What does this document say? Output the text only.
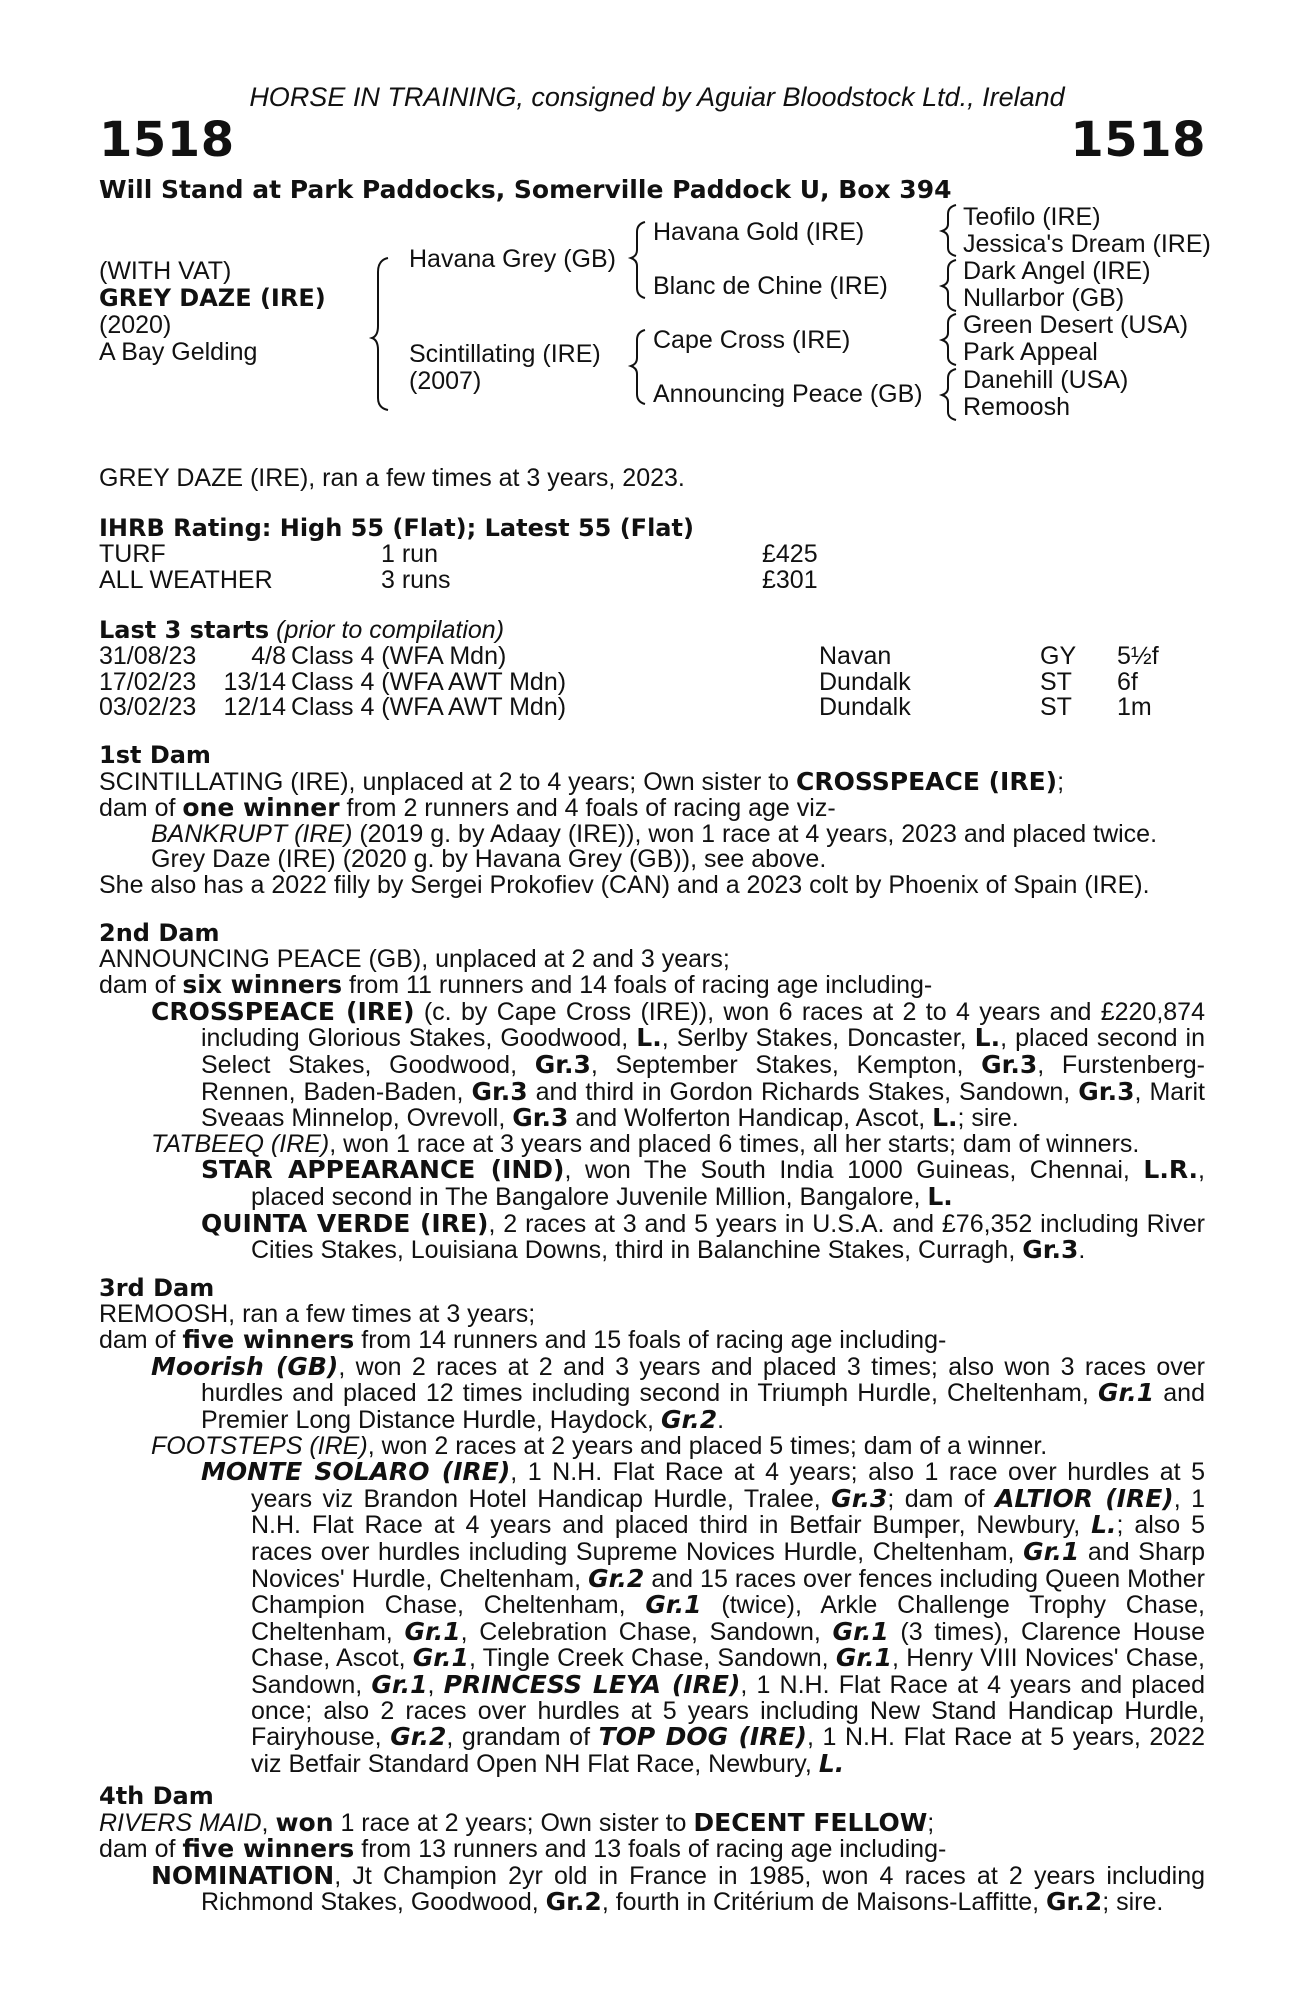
HORSE IN TRAINING, consigned by Aguiar Bloodstock Ltd., Ireland
1518	1518
Will Stand at Park Paddocks, Somerville Paddock U, Box 394
(WITH VAT)
GREY DAZE (IRE)
(2020)
A Bay Gelding
Havana Grey (GB)
Scintillating (IRE)
(2007)
Havana Gold (IRE)
Blanc de Chine (IRE)
Cape Cross (IRE)
Announcing Peace (GB)
Teofilo (IRE)
Jessica's Dream (IRE)
Dark Angel (IRE)
Nullarbor (GB)
Green Desert (USA)
Park Appeal
Danehill (USA)
Remoosh
GREY DAZE (IRE), ran a few times at 3 years, 2023.
IHRB Rating: High 55 (Flat); Latest 55 (Flat)
TURF	1 run	£425
ALL WEATHER	3 runs	£301
Last 3 starts (prior to compilation)
31/08/23	4/8 Class 4 (WFA Mdn)	Navan	GY 5½f
17/02/23	13/14 Class 4 (WFA AWT Mdn)	Dundalk	ST 6f
03/02/23	12/14 Class 4 (WFA AWT Mdn)	Dundalk	ST 1m

1st Dam

SCINTILLATING (IRE), unplaced at 2 to 4 years; Own sister to CROSSPEACE (IRE);

dam of one winner from 2 runners and 4 foals of racing age viz-

BANKRUPT (IRE) (2019 g. by Adaay (IRE)), won 1 race at 4 years, 2023 and placed twice.

Grey Daze (IRE) (2020 g. by Havana Grey (GB)), see above.

She also has a 2022 filly by Sergei Prokofiev (CAN) and a 2023 colt by Phoenix of Spain (IRE).

2nd Dam

ANNOUNCING PEACE (GB), unplaced at 2 and 3 years;

dam of six winners from 11 runners and 14 foals of racing age including-

CROSSPEACE (IRE) (c. by Cape Cross (IRE)), won 6 races at 2 to 4 years and £220,874 including Glorious Stakes, Goodwood, L., Serlby Stakes, Doncaster, L., placed second in Select Stakes, Goodwood, Gr.3, September Stakes, Kempton, Gr.3, Furstenberg-Rennen, Baden-Baden, Gr.3 and third in Gordon Richards Stakes, Sandown, Gr.3, Marit Sveaas Minnelop, Ovrevoll, Gr.3 and Wolferton Handicap, Ascot, L.; sire.

TATBEEQ (IRE), won 1 race at 3 years and placed 6 times, all her starts; dam of winners.

STAR APPEARANCE (IND), won The South India 1000 Guineas, Chennai, L.R., placed second in The Bangalore Juvenile Million, Bangalore, L.

QUINTA VERDE (IRE), 2 races at 3 and 5 years in U.S.A. and £76,352 including River Cities Stakes, Louisiana Downs, third in Balanchine Stakes, Curragh, Gr.3.

3rd Dam

REMOOSH, ran a few times at 3 years;

dam of five winners from 14 runners and 15 foals of racing age including-

Moorish (GB), won 2 races at 2 and 3 years and placed 3 times; also won 3 races over hurdles and placed 12 times including second in Triumph Hurdle, Cheltenham, Gr.1 and Premier Long Distance Hurdle, Haydock, Gr.2.

FOOTSTEPS (IRE), won 2 races at 2 years and placed 5 times; dam of a winner.

MONTE SOLARO (IRE), 1 N.H. Flat Race at 4 years; also 1 race over hurdles at 5 years viz Brandon Hotel Handicap Hurdle, Tralee, Gr.3; dam of ALTIOR (IRE), 1 N.H. Flat Race at 4 years and placed third in Betfair Bumper, Newbury, L.; also 5 races over hurdles including Supreme Novices Hurdle, Cheltenham, Gr.1 and Sharp Novices' Hurdle, Cheltenham, Gr.2 and 15 races over fences including Queen Mother Champion Chase, Cheltenham, Gr.1 (twice), Arkle Challenge Trophy Chase, Cheltenham, Gr.1, Celebration Chase, Sandown, Gr.1 (3 times), Clarence House Chase, Ascot, Gr.1, Tingle Creek Chase, Sandown, Gr.1, Henry VIII Novices' Chase, Sandown, Gr.1, PRINCESS LEYA (IRE), 1 N.H. Flat Race at 4 years and placed once; also 2 races over hurdles at 5 years including New Stand Handicap Hurdle, Fairyhouse, Gr.2, grandam of TOP DOG (IRE), 1 N.H. Flat Race at 5 years, 2022 viz Betfair Standard Open NH Flat Race, Newbury, L.

4th Dam

RIVERS MAID, won 1 race at 2 years; Own sister to DECENT FELLOW;

dam of five winners from 13 runners and 13 foals of racing age including-

NOMINATION, Jt Champion 2yr old in France in 1985, won 4 races at 2 years including Richmond Stakes, Goodwood, Gr.2, fourth in Critérium de Maisons-Laffitte, Gr.2; sire.
